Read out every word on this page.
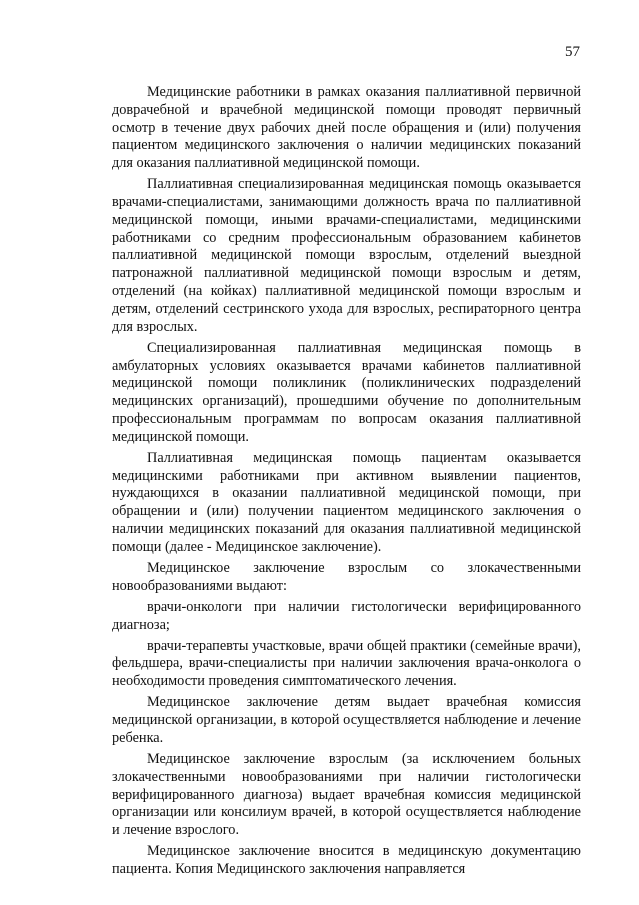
57

Медицинские работники в рамках оказания паллиативной первичной доврачебной и врачебной медицинской помощи проводят первичный осмотр в течение двух рабочих дней после обращения и (или) получения пациентом медицинского заключения о наличии медицинских показаний для оказания паллиативной медицинской помощи.

Паллиативная специализированная медицинская помощь оказывается врачами-специалистами, занимающими должность врача по паллиативной медицинской помощи, иными врачами-специалистами, медицинскими работниками со средним профессиональным образованием кабинетов паллиативной медицинской помощи взрослым, отделений выездной патронажной паллиативной медицинской помощи взрослым и детям, отделений (на койках) паллиативной медицинской помощи взрослым и детям, отделений сестринского ухода для взрослых, респираторного центра для взрослых.

Специализированная паллиативная медицинская помощь в амбулаторных условиях оказывается врачами кабинетов паллиативной медицинской помощи поликлиник (поликлинических подразделений медицинских организаций), прошедшими обучение по дополнительным профессиональным программам по вопросам оказания паллиативной медицинской помощи.

Паллиативная медицинская помощь пациентам оказывается медицинскими работниками при активном выявлении пациентов, нуждающихся в оказании паллиативной медицинской помощи, при обращении и (или) получении пациентом медицинского заключения о наличии медицинских показаний для оказания паллиативной медицинской помощи (далее - Медицинское заключение).

Медицинское заключение взрослым со злокачественными новообразованиями выдают:

врачи-онкологи при наличии гистологически верифицированного диагноза;

врачи-терапевты участковые, врачи общей практики (семейные врачи), фельдшера, врачи-специалисты при наличии заключения врача-онколога о необходимости проведения симптоматического лечения.

Медицинское заключение детям выдает врачебная комиссия медицинской организации, в которой осуществляется наблюдение и лечение ребенка.

Медицинское заключение взрослым (за исключением больных злокачественными новообразованиями при наличии гистологически верифицированного диагноза) выдает врачебная комиссия медицинской организации или консилиум врачей, в которой осуществляется наблюдение и лечение взрослого.

Медицинское заключение вносится в медицинскую документацию пациента. Копия Медицинского заключения направляется
